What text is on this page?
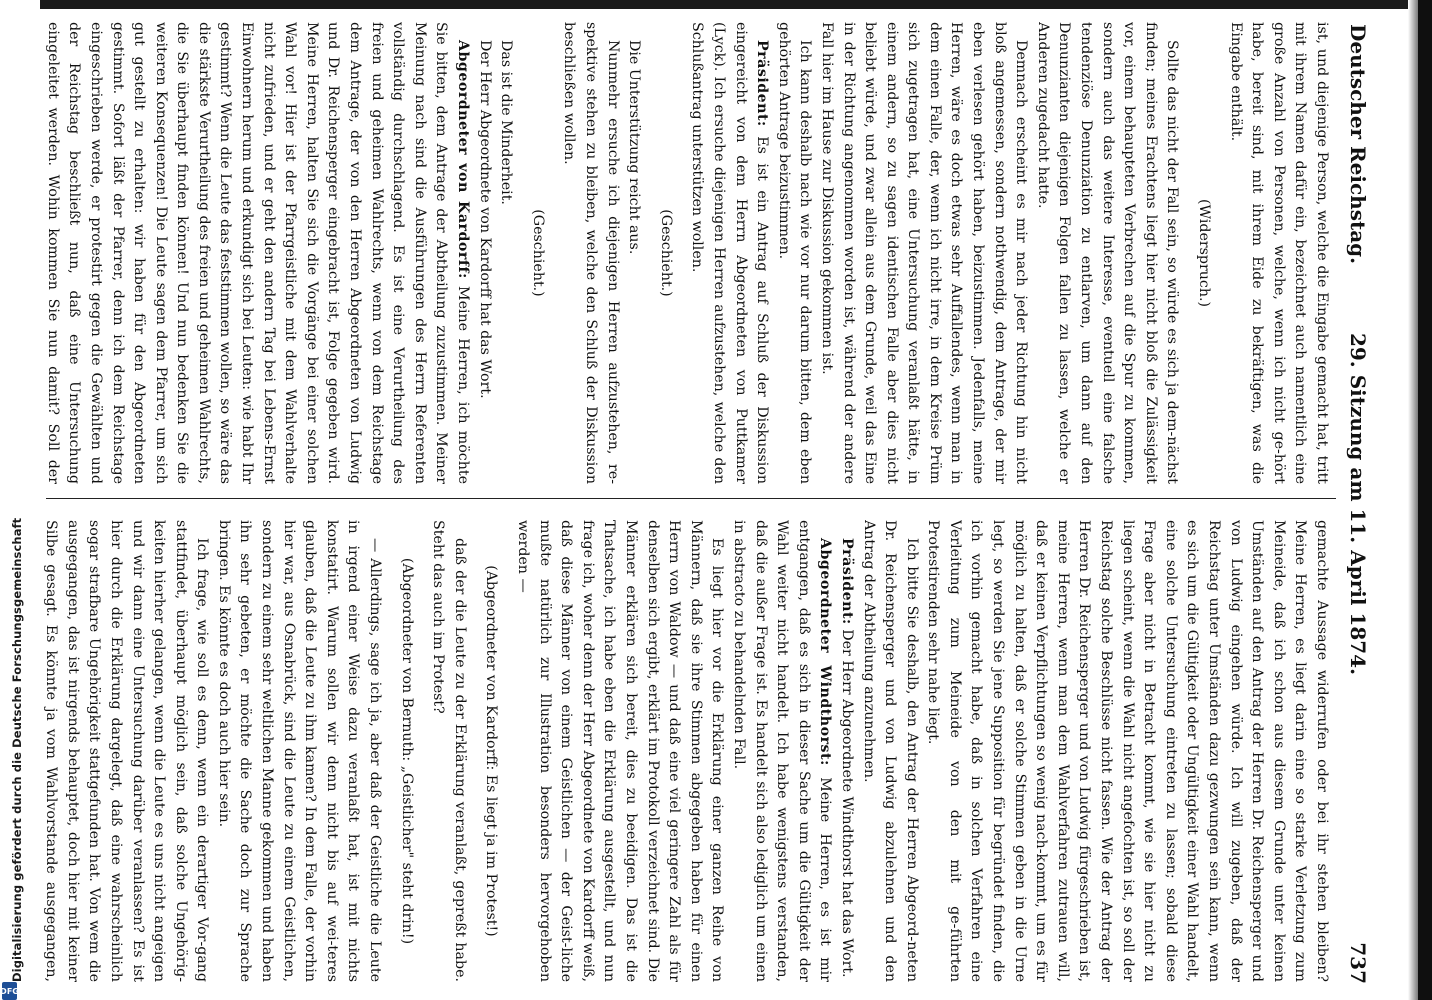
Digitalisierung gefördert durch die Deutsche Forschungsgemeinschaft
DFG
Deutscher Reichstag.
29. Sitzung am 11. April 1874.
737

ist, und diejenige Person, welche die Eingabe gemacht hat, tritt mit ihrem Namen dafür ein, bezeichnet auch namentlich eine große Anzahl von Personen, welche, wenn ich nicht ge-hört habe, bereit sind, mit ihrem Eide zu bekräftigen, was die Eingabe enthält.

(Widerspruch.)

Sollte das nicht der Fall sein, so würde es sich ja dem-nächst finden; meines Erachtens liegt hier nicht bloß die Zulässigkeit vor, einem behaupteten Verbrechen auf die Spur zu kommen, sondern auch das weitere Interesse, eventuell eine falsche tendenziöse Denunziation zu entlarven, um dann auf den Denunzianten diejenigen Folgen fallen zu lassen, welche er Anderen zugedacht hatte.

Demnach erscheint es mir nach jeder Richtung hin nicht bloß angemessen, sondern nothwendig, dem Antrage, der mir eben verlesen gehört haben, beizustimmen. Jedenfalls, meine Herren, wäre es doch etwas sehr Auffallendes, wenn man in dem einen Falle, der, wenn ich nicht irre, in dem Kreise Prüm sich zugetragen hat, eine Untersuchung veranlaßt hätte, in einem andern, so zu sagen identischen Falle aber dies nicht beliebt würde, und zwar allein aus dem Grunde, weil das Eine in der Richtung angenommen worden ist, während der andere Fall hier im Hause zur Diskussion gekommen ist.

Ich kann deshalb nach wie vor nur darum bitten, dem eben gehörten Antrage beizustimmen.

Präsident: Es ist ein Antrag auf Schluß der Diskussion eingereicht von dem Herrn Abgeordneten von Puttkamer (Lyck). Ich ersuche diejenigen Herren aufzustehen, welche den Schlußantrag unterstützen wollen.

(Geschieht.)

Die Unterstützung reicht aus.

Nunmehr ersuche ich diejenigen Herren aufzustehen, re-spektive stehen zu bleiben, welche den Schluß der Diskussion beschließen wollen.

(Geschieht.)

Das ist die Minderheit.

Der Herr Abgeordnete von Kardorff hat das Wort.

Abgeordneter von Kardorff: Meine Herren, ich möchte Sie bitten, dem Antrage der Abtheilung zuzustimmen. Meiner Meinung nach sind die Ausführungen des Herrn Referenten vollständig durchschlagend. Es ist eine Verurtheilung des freien und geheimen Wahlrechts, wenn von dem Reichstage dem Antrage, der von den Herren Abgeordneten von Ludwig und Dr. Reichensperger eingebracht ist, Folge gegeben wird. Meine Herren, halten Sie sich die Vorgänge bei einer solchen Wahl vor! Hier ist der Pfarrgeistliche mit dem Wahlverhalte nicht zufrieden, und er geht den andern Tag bei Lebens-Ernst Einwohnern herum und erkundigt sich bei Leuten: wie habt Ihr gestimmt? Wenn die Leute das feststimmen wollen, so wäre das die stärkste Verurtheilung des freien und geheimen Wahlrechts, die Sie überhaupt finden können! Und nun bedenken Sie die weiteren Konsequenzen! Die Leute sagen dem Pfarrer, um sich gut gestellt zu erhalten: wir haben für den Abgeordneten gestimmt. Sofort läßt der Pfarrer, denn ich dem Reichstage eingeschrieben werde, er protestirt gegen die Gewählten und der Reichstag beschließt nun, daß eine Untersuchung eingeleitet werden. Wohin kommen Sie nun damit? Soll der

gemachte Aussage widerrufen oder bei ihr stehen bleiben? Meine Herren, es liegt darin eine so starke Verletzung zum Meineide, daß ich schon aus diesem Grunde unter keinen Umständen auf den Antrag der Herren Dr. Reichensperger und von Ludwig eingehen würde. Ich will zugeben, daß der Reichstag unter Umständen dazu gezwungen sein kann, wenn es sich um die Gültigkeit oder Ungültigkeit einer Wahl handelt, eine solche Untersuchung eintreten zu lassen; sobald diese Frage aber nicht in Betracht kommt, wie sie hier nicht zu liegen scheint, wenn die Wahl nicht angefochten ist, so soll der Reichstag solche Beschlüsse nicht fassen. Wie der Antrag der Herren Dr. Reichensperger und von Ludwig fürgeschrieben ist, meine Herren, wenn man dem Wahlverfahren zutrauen will, daß er keinen Verpflichtungen so wenig nach-kommt, um es für möglich zu halten, daß er solche Stimmen geben in die Urne legt, so werden Sie jene Supposition für begründet finden, die ich vorhin gemacht habe, daß in solchen Verfahren eine Verleitung zum Meineide von den mit ge-führten Protestirenden sehr nahe liegt.

Ich bitte Sie deshalb, den Antrag der Herren Abgeord-neten Dr. Reichensperger und von Ludwig abzulehnen und den Antrag der Abtheilung anzunehmen.

Präsident: Der Herr Abgeordnete Windthorst hat das Wort.

Abgeordneter Windthorst: Meine Herren, es ist mir entgangen, daß es sich in dieser Sache um die Gültigkeit der Wahl weiter nicht handelt. Ich habe wenigstens verstanden, daß die außer Frage ist. Es handelt sich also lediglich um einen in abstracto zu behandelnden Fall.

Es liegt hier vor die Erklärung einer ganzen Reihe von Männern, daß sie ihre Stimmen abgegeben haben für einen Herrn von Waldow — und daß eine viel geringere Zahl als für denselben sich ergibt, erklärt im Protokoll verzeichnet sind. Die Männer erklären sich bereit, dies zu beeidigen. Das ist die Thatsache, ich habe eben die Erklärung ausgestellt, und nun frage ich, woher denn der Herr Abgeordnete von Kardorff weiß, daß diese Männer von einem Geistlichen — der Geist-liche mußte natürlich zur Illustration besonders hervorgehoben werden —

(Abgeordneter von Kardorff: Es liegt ja im Protest!)

daß der die Leute zu der Erklärung veranlaßt, gepreßt habe. Steht das auch im Protest?

(Abgeordneter von Bernuth: „Geistlicher" steht drin!)

— Allerdings, sage ich ja, aber daß der Geistliche die Leute in irgend einer Weise dazu veranlaßt hat, ist mit nichts konstatirt. Warum sollen wir denn nicht bis auf wei-teres glauben, daß die Leute zu ihm kamen? In dem Falle, der vorhin hier war, aus Osnabrück, sind die Leute zu einem Geistlichen, sondern zu einem sehr weltlichen Manne gekommen und haben ihn sehr gebeten, er möchte die Sache doch zur Sprache bringen. Es könnte es doch auch hier sein.

Ich frage, wie soll es denn, wenn ein derartiger Vor-gang stattfindet, überhaupt möglich sein, daß solche Ungehörig-keiten hierher gelangen, wenn die Leute es uns nicht angeigen und wir dann eine Untersuchung darüber veranlassen? Es ist hier durch die Erklärung dargelegt, daß eine wahrscheinlich sogar strafbare Ungehörigkeit stattgefunden hat. Von wem die ausgegangen, das ist nirgends behauptet, doch hier mit keiner Silbe gesagt. Es könnte ja vom Wahlvorstande ausgegangen,
